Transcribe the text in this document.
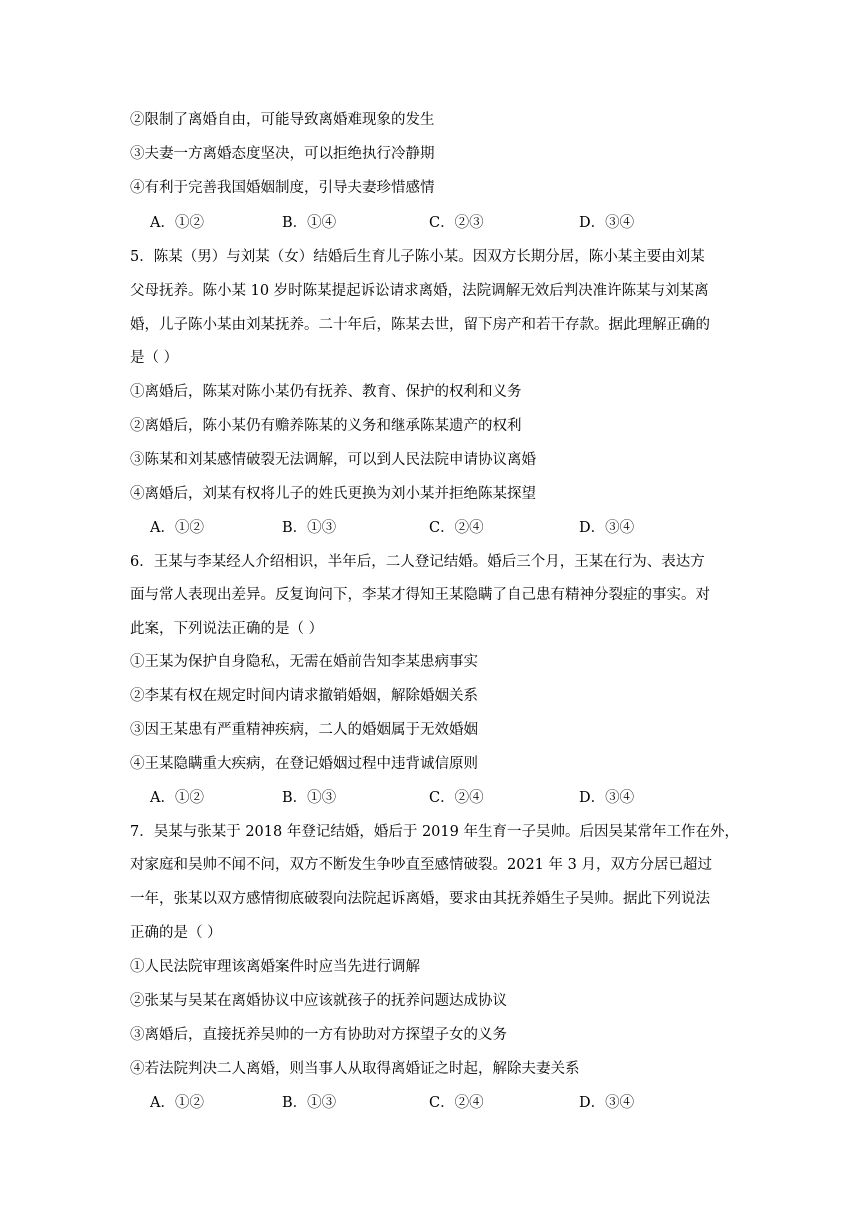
②限制了离婚自由，可能导致离婚难现象的发生
③夫妻一方离婚态度坚决，可以拒绝执行冷静期
④有利于完善我国婚姻制度，引导夫妻珍惜感情
A．①②	B．①④	C．②③	D．③④
5．陈某（男）与刘某（女）结婚后生育儿子陈小某。因双方长期分居，陈小某主要由刘某
父母抚养。陈小某 10 岁时陈某提起诉讼请求离婚，法院调解无效后判决准许陈某与刘某离
婚，儿子陈小某由刘某抚养。二十年后，陈某去世，留下房产和若干存款。据此理解正确的
是（ ）
①离婚后，陈某对陈小某仍有抚养、教育、保护的权利和义务
②离婚后，陈小某仍有赡养陈某的义务和继承陈某遗产的权利
③陈某和刘某感情破裂无法调解，可以到人民法院申请协议离婚
④离婚后，刘某有权将儿子的姓氏更换为刘小某并拒绝陈某探望
A．①②	B．①③	C．②④	D．③④
6．王某与李某经人介绍相识，半年后，二人登记结婚。婚后三个月，王某在行为、表达方
面与常人表现出差异。反复询问下，李某才得知王某隐瞒了自己患有精神分裂症的事实。对
此案，下列说法正确的是（ ）
①王某为保护自身隐私，无需在婚前告知李某患病事实
②李某有权在规定时间内请求撤销婚姻，解除婚姻关系
③因王某患有严重精神疾病，二人的婚姻属于无效婚姻
④王某隐瞒重大疾病，在登记婚姻过程中违背诚信原则
A．①②	B．①③	C．②④	D．③④
7．吴某与张某于 2018 年登记结婚，婚后于 2019 年生育一子吴帅。后因吴某常年工作在外，
对家庭和吴帅不闻不问，双方不断发生争吵直至感情破裂。2021 年 3 月，双方分居已超过
一年，张某以双方感情彻底破裂向法院起诉离婚，要求由其抚养婚生子吴帅。据此下列说法
正确的是（ ）
①人民法院审理该离婚案件时应当先进行调解
②张某与吴某在离婚协议中应该就孩子的抚养问题达成协议
③离婚后，直接抚养吴帅的一方有协助对方探望子女的义务
④若法院判决二人离婚，则当事人从取得离婚证之时起，解除夫妻关系
A．①②	B．①③	C．②④	D．③④
